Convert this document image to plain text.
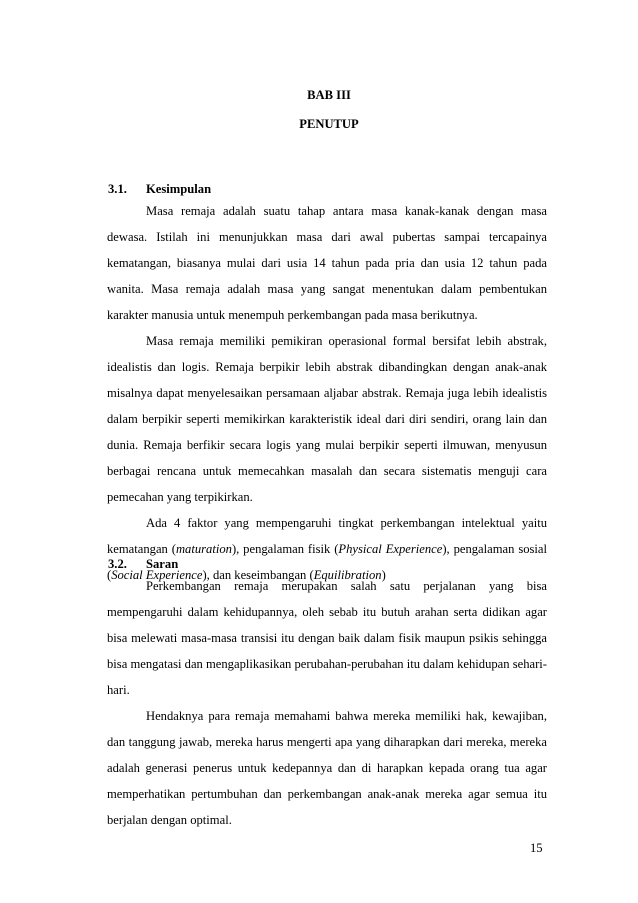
BAB III
PENUTUP
3.1. Kesimpulan

Masa remaja adalah suatu tahap antara masa kanak-kanak dengan masa dewasa. Istilah ini menunjukkan masa dari awal pubertas sampai tercapainya kematangan, biasanya mulai dari usia 14 tahun pada pria dan usia 12 tahun pada wanita. Masa remaja adalah masa yang sangat menentukan dalam pembentukan karakter manusia untuk menempuh perkembangan pada masa berikutnya.

Masa remaja memiliki pemikiran operasional formal bersifat lebih abstrak, idealistis dan logis. Remaja berpikir lebih abstrak dibandingkan dengan anak-anak misalnya dapat menyelesaikan persamaan aljabar abstrak. Remaja juga lebih idealistis dalam berpikir seperti memikirkan karakteristik ideal dari diri sendiri, orang lain dan dunia. Remaja berfikir secara logis yang mulai berpikir seperti ilmuwan, menyusun berbagai rencana untuk memecahkan masalah dan secara sistematis menguji cara pemecahan yang terpikirkan.

Ada 4 faktor yang mempengaruhi tingkat perkembangan intelektual yaitu kematangan (maturation), pengalaman fisik (Physical Experience), pengalaman sosial (Social Experience), dan keseimbangan (Equilibration)

3.2. Saran

Perkembangan remaja merupakan salah satu perjalanan yang bisa mempengaruhi dalam kehidupannya, oleh sebab itu butuh arahan serta didikan agar bisa melewati masa-masa transisi itu dengan baik dalam fisik maupun psikis sehingga bisa mengatasi dan mengaplikasikan perubahan-perubahan itu dalam kehidupan sehari-hari.

Hendaknya para remaja memahami bahwa mereka memiliki hak, kewajiban, dan tanggung jawab, mereka harus mengerti apa yang diharapkan dari mereka, mereka adalah generasi penerus untuk kedepannya dan di harapkan kepada orang tua agar memperhatikan pertumbuhan dan perkembangan anak-anak mereka agar semua itu berjalan dengan optimal.

15
